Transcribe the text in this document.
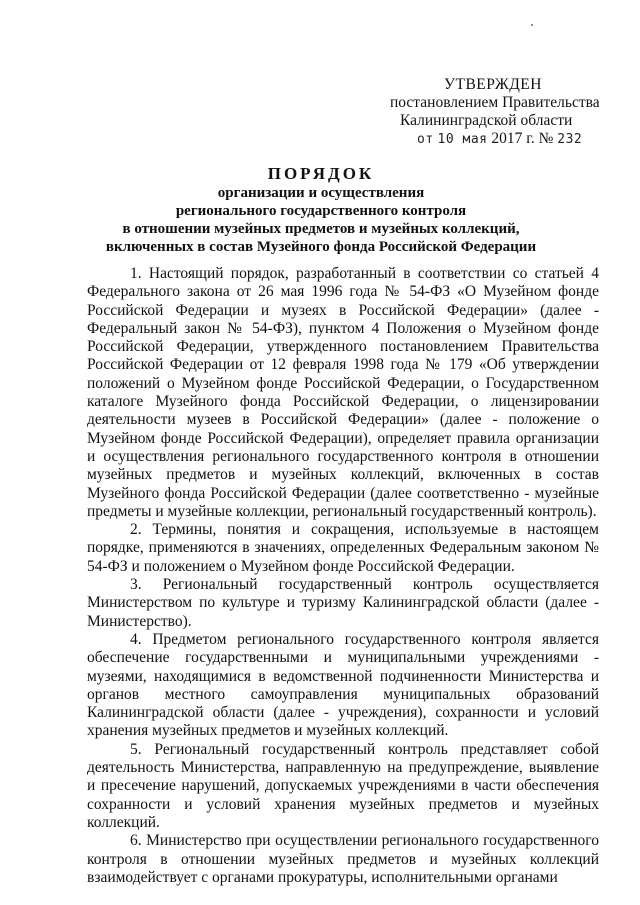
УТВЕРЖДЕН
постановлением Правительства
Калининградской области
от 10 мая 2017 г. № 232
ПОРЯДОК
организации и осуществления
регионального государственного контроля
в отношении музейных предметов и музейных коллекций,
включенных в состав Музейного фонда Российской Федерации

1. Настоящий порядок, разработанный в соответствии со статьей 4 Федерального закона от 26 мая 1996 года № 54-ФЗ «О Музейном фонде Российской Федерации и музеях в Российской Федерации» (далее - Федеральный закон № 54-ФЗ), пунктом 4 Положения о Музейном фонде Российской Федерации, утвержденного постановлением Правительства Российской Федерации от 12 февраля 1998 года № 179 «Об утверждении положений о Музейном фонде Российской Федерации, о Государственном каталоге Музейного фонда Российской Федерации, о лицензировании деятельности музеев в Российской Федерации» (далее - положение о Музейном фонде Российской Федерации), определяет правила организации и осуществления регионального государственного контроля в отношении музейных предметов и музейных коллекций, включенных в состав Музейного фонда Российской Федерации (далее соответственно - музейные предметы и музейные коллекции, региональный государственный контроль).

2. Термины, понятия и сокращения, используемые в настоящем порядке, применяются в значениях, определенных Федеральным законом № 54-ФЗ и положением о Музейном фонде Российской Федерации.

3. Региональный государственный контроль осуществляется Министерством по культуре и туризму Калининградской области (далее - Министерство).

4. Предметом регионального государственного контроля является обеспечение государственными и муниципальными учреждениями - музеями, находящимися в ведомственной подчиненности Министерства и органов местного самоуправления муниципальных образований Калининградской области (далее - учреждения), сохранности и условий хранения музейных предметов и музейных коллекций.

5. Региональный государственный контроль представляет собой деятельность Министерства, направленную на предупреждение, выявление и пресечение нарушений, допускаемых учреждениями в части обеспечения сохранности и условий хранения музейных предметов и музейных коллекций.

6. Министерство при осуществлении регионального государственного контроля в отношении музейных предметов и музейных коллекций взаимодействует с органами прокуратуры, исполнительными органами
